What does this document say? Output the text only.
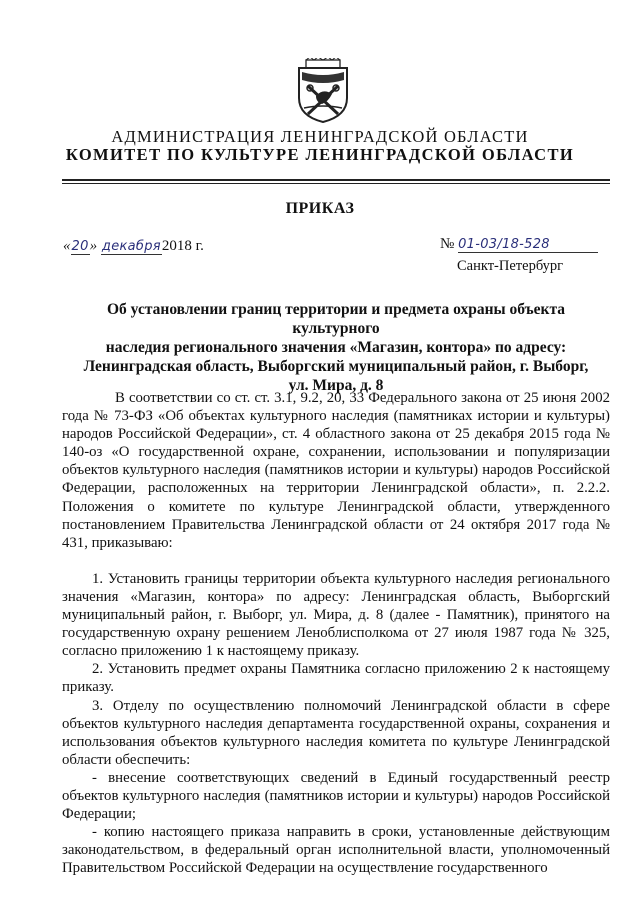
АДМИНИСТРАЦИЯ ЛЕНИНГРАДСКОЙ ОБЛАСТИ
КОМИТЕТ ПО КУЛЬТУРЕ ЛЕНИНГРАДСКОЙ ОБЛАСТИ
ПРИКАЗ
«20» декабря2018 г.	№ 01-03/18-528
Санкт-Петербург
Об установлении границ территории и предмета охраны объекта культурного
наследия регионального значения «Магазин, контора» по адресу:
Ленинградская область, Выборгский муниципальный район, г. Выборг,
ул. Мира, д. 8

В соответствии со ст. ст. 3.1, 9.2, 20, 33 Федерального закона от 25 июня 2002 года № 73-ФЗ «Об объектах культурного наследия (памятниках истории и культуры) народов Российской Федерации», ст. 4 областного закона от 25 декабря 2015 года № 140-оз «О государственной охране, сохранении, использовании и популяризации объектов культурного наследия (памятников истории и культуры) народов Российской Федерации, расположенных на территории Ленинградской области», п. 2.2.2. Положения о комитете по культуре Ленинградской области, утвержденного постановлением Правительства Ленинградской области от 24 октября 2017 года № 431, приказываю:

1. Установить границы территории объекта культурного наследия регионального значения «Магазин, контора» по адресу: Ленинградская область, Выборгский муниципальный район, г. Выборг, ул. Мира, д. 8 (далее - Памятник), принятого на государственную охрану решением Леноблисполкома от 27 июля 1987 года № 325, согласно приложению 1 к настоящему приказу.

2. Установить предмет охраны Памятника согласно приложению 2 к настоящему приказу.

3. Отделу по осуществлению полномочий Ленинградской области в сфере объектов культурного наследия департамента государственной охраны, сохранения и использования объектов культурного наследия комитета по культуре Ленинградской области обеспечить:

- внесение соответствующих сведений в Единый государственный реестр объектов культурного наследия (памятников истории и культуры) народов Российской Федерации;

- копию настоящего приказа направить в сроки, установленные действующим законодательством, в федеральный орган исполнительной власти, уполномоченный Правительством Российской Федерации на осуществление государственного
